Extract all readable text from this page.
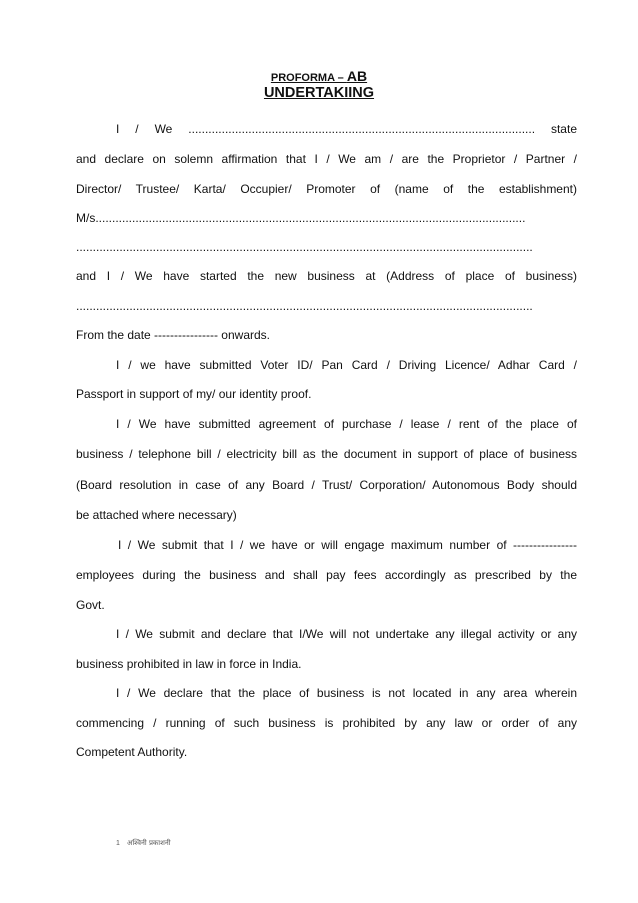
PROFORMA – AB
UNDERTAKIING
I / We ........................................................................................................ state
and declare on solemn affirmation that I / We am / are the Proprietor / Partner /
Director/ Trustee/ Karta/ Occupier/ Promoter of (name of the establishment)
M/s.................................................................................................................................
.........................................................................................................................................
and I / We have started the new business at (Address of place of business)
.........................................................................................................................................
From the date ---------------- onwards.
I / we have submitted Voter ID/ Pan Card / Driving Licence/ Adhar Card /
Passport in support of my/ our identity proof.
I / We have submitted agreement of purchase / lease / rent of the place of
business / telephone bill / electricity bill as the document in support of place of business
(Board resolution in case of any Board / Trust/ Corporation/ Autonomous Body should
be attached where necessary)
I / We submit that I / we have or will engage maximum number of ----------------
employees during the business and shall pay fees accordingly as prescribed by the
Govt.
I / We submit and declare that I/We will not undertake any illegal activity or any
business prohibited in law in force in India.
I / We declare that the place of business is not located in any area wherein
commencing / running of such business is prohibited by any law or order of any
Competent Authority.
1 अश्विनी प्रकाशनी
